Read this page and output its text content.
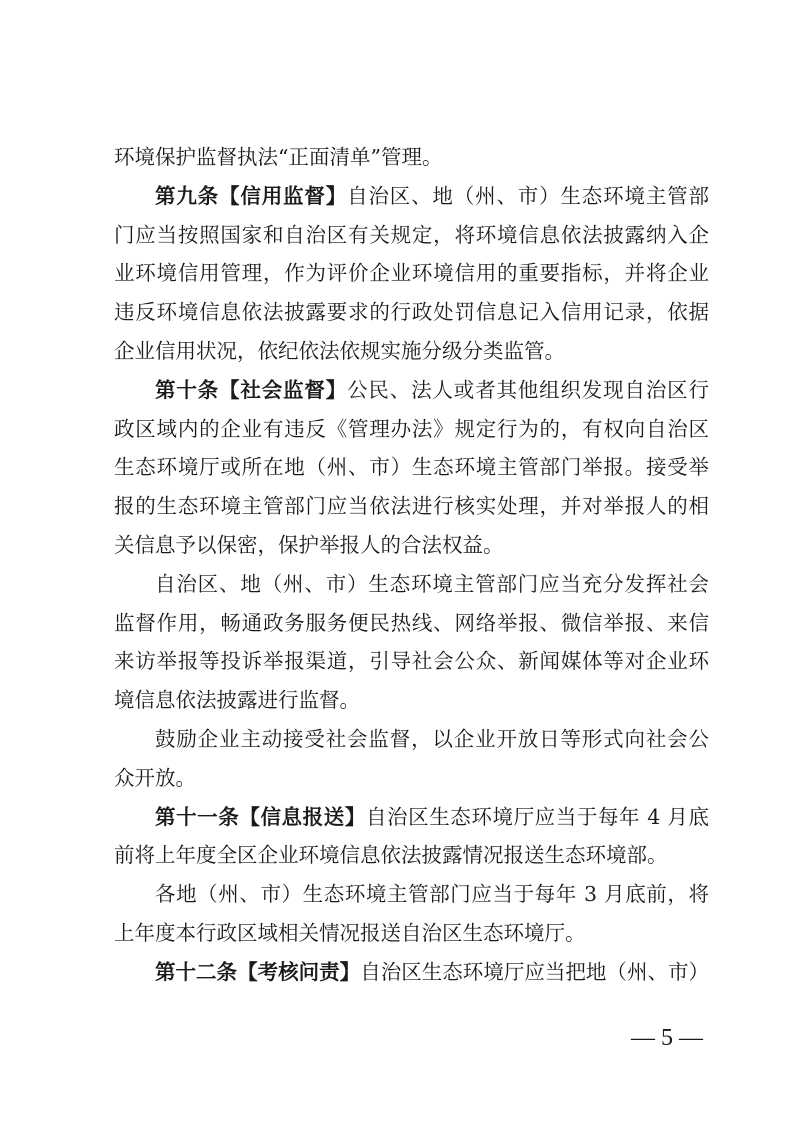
环境保护监督执法“正面清单”管理。
第九条【信用监督】自治区、地（州、市）生态环境主管部
门应当按照国家和自治区有关规定，将环境信息依法披露纳入企
业环境信用管理，作为评价企业环境信用的重要指标，并将企业
违反环境信息依法披露要求的行政处罚信息记入信用记录，依据
企业信用状况，依纪依法依规实施分级分类监管。
第十条【社会监督】公民、法人或者其他组织发现自治区行
政区域内的企业有违反《管理办法》规定行为的，有权向自治区
生态环境厅或所在地（州、市）生态环境主管部门举报。接受举
报的生态环境主管部门应当依法进行核实处理，并对举报人的相
关信息予以保密，保护举报人的合法权益。
自治区、地（州、市）生态环境主管部门应当充分发挥社会
监督作用，畅通政务服务便民热线、网络举报、微信举报、来信
来访举报等投诉举报渠道，引导社会公众、新闻媒体等对企业环
境信息依法披露进行监督。
鼓励企业主动接受社会监督，以企业开放日等形式向社会公
众开放。
第十一条【信息报送】自治区生态环境厅应当于每年 4 月底
前将上年度全区企业环境信息依法披露情况报送生态环境部。
各地（州、市）生态环境主管部门应当于每年 3 月底前，将
上年度本行政区域相关情况报送自治区生态环境厅。
第十二条【考核问责】自治区生态环境厅应当把地（州、市）
— 5 —
